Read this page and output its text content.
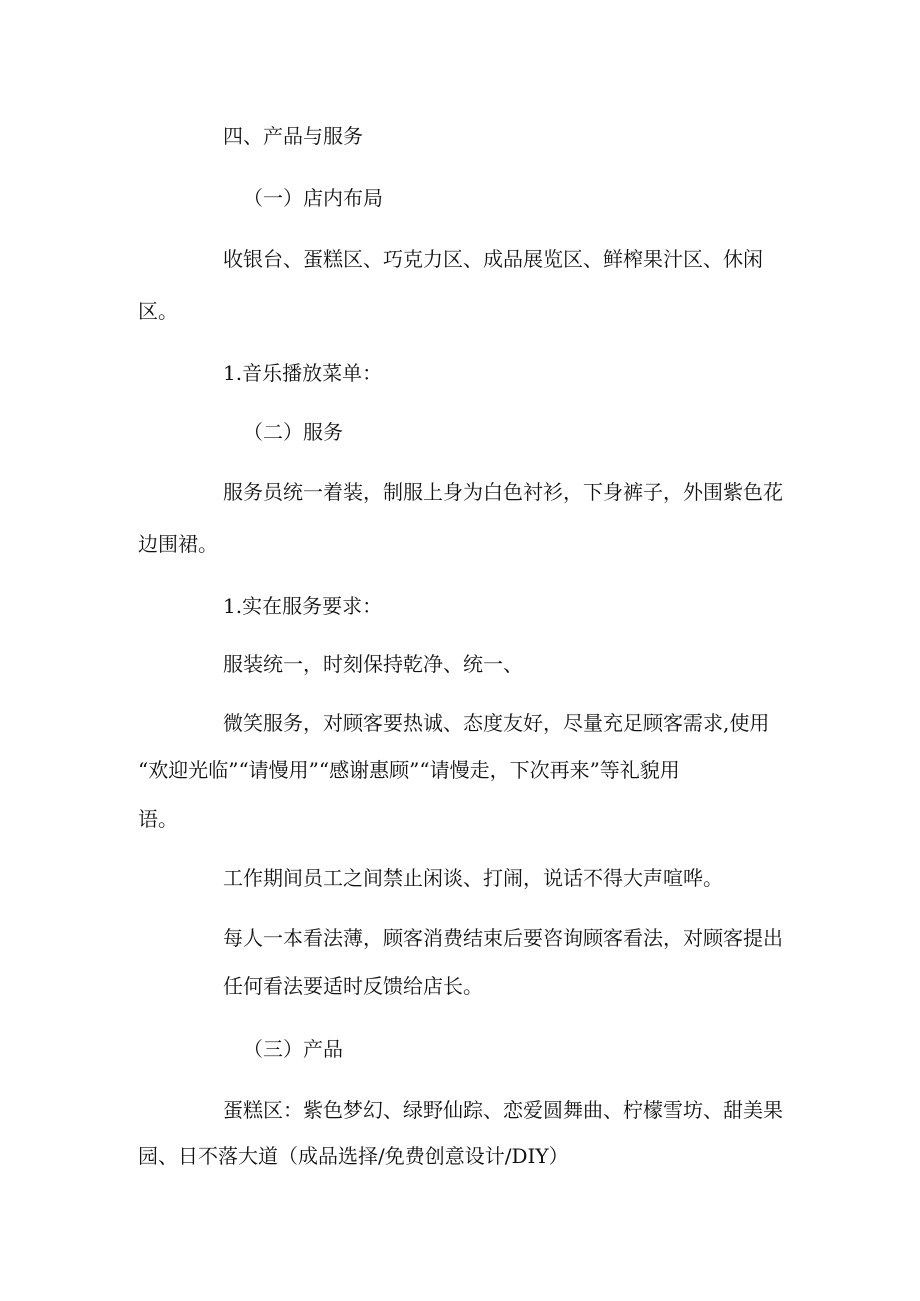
四、产品与服务
（一）店内布局
收银台、蛋糕区、巧克力区、成品展览区、鲜榨果汁区、休闲
区。
1.音乐播放菜单：
（二）服务
服务员统一着装，制服上身为白色衬衫，下身裤子，外围紫色花
边围裙。
1.实在服务要求：
服装统一，时刻保持乾净、统一、
微笑服务，对顾客要热诚、态度友好，尽量充足顾客需求,使用
“欢迎光临”“请慢用”“感谢惠顾”“请慢走，下次再来”等礼貌用
语。
工作期间员工之间禁止闲谈、打闹，说话不得大声喧哗。
每人一本看法薄，顾客消费结束后要咨询顾客看法，对顾客提出
任何看法要适时反馈给店长。
（三）产品
蛋糕区：紫色梦幻、绿野仙踪、恋爱圆舞曲、柠檬雪坊、甜美果
园、日不落大道（成品选择/免费创意设计/DIY）
